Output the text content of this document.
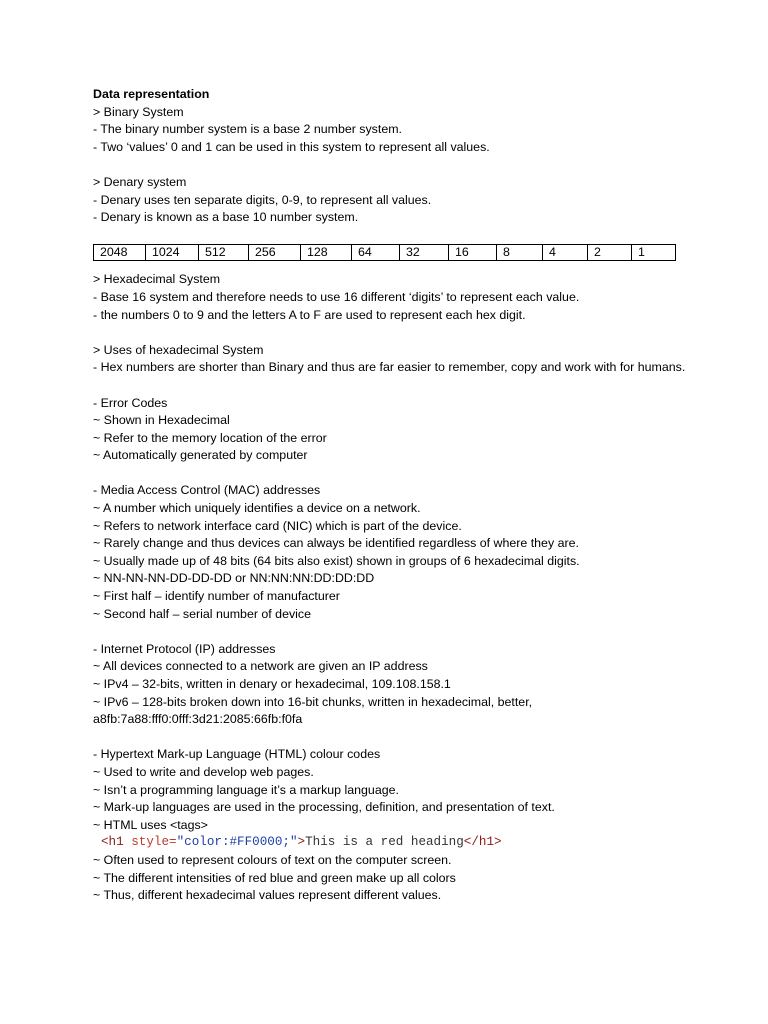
Data representation
> Binary System
- The binary number system is a base 2 number system.
- Two ‘values’ 0 and 1 can be used in this system to represent all values.
> Denary system
- Denary uses ten separate digits, 0-9, to represent all values.
- Denary is known as a base 10 number system.
2048	1024	512	256	128	64	32	16	8	4	2	1
> Hexadecimal System
- Base 16 system and therefore needs to use 16 different ‘digits’ to represent each value.
- the numbers 0 to 9 and the letters A to F are used to represent each hex digit.
> Uses of hexadecimal System
- Hex numbers are shorter than Binary and thus are far easier to remember, copy and work with for humans.
- Error Codes
~ Shown in Hexadecimal
~ Refer to the memory location of the error
~ Automatically generated by computer
- Media Access Control (MAC) addresses
~ A number which uniquely identifies a device on a network.
~ Refers to network interface card (NIC) which is part of the device.
~ Rarely change and thus devices can always be identified regardless of where they are.
~ Usually made up of 48 bits (64 bits also exist) shown in groups of 6 hexadecimal digits.
~ NN-NN-NN-DD-DD-DD or NN:NN:NN:DD:DD:DD
~ First half – identify number of manufacturer
~ Second half – serial number of device
- Internet Protocol (IP) addresses
~ All devices connected to a network are given an IP address
~ IPv4 – 32-bits, written in denary or hexadecimal, 109.108.158.1
~ IPv6 – 128-bits broken down into 16-bit chunks, written in hexadecimal, better,
a8fb:7a88:fff0:0fff:3d21:2085:66fb:f0fa
- Hypertext Mark-up Language (HTML) colour codes
~ Used to write and develop web pages.
~ Isn’t a programming language it’s a markup language.
~ Mark-up languages are used in the processing, definition, and presentation of text.
~ HTML uses <tags>
<h1 style="color:#FF0000;">This is a red heading</h1>
~ Often used to represent colours of text on the computer screen.
~ The different intensities of red blue and green make up all colors
~ Thus, different hexadecimal values represent different values.
